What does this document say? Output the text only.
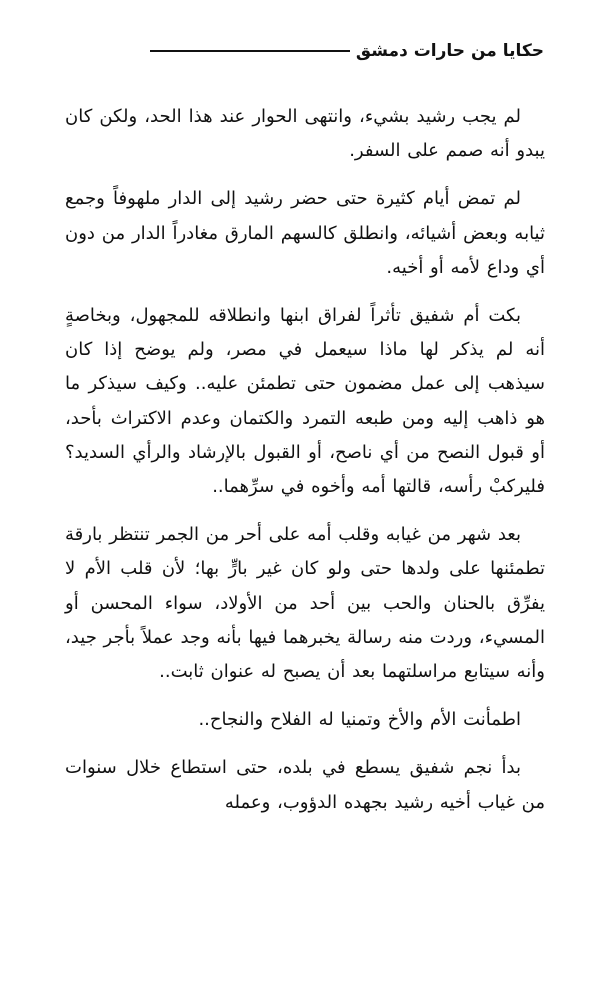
حكايا من حارات دمشق

لم يجب رشيد بشيء، وانتهى الحوار عند هذا الحد، ولكن كان يبدو أنه صمم على السفر.

لم تمض أيام كثيرة حتى حضر رشيد إلى الدار ملهوفاً وجمع ثيابه وبعض أشيائه، وانطلق كالسهم المارق مغادراً الدار من دون أي وداع لأمه أو أخيه.

بكت أم شفيق تأثراً لفراق ابنها وانطلاقه للمجهول، وبخاصةٍ أنه لم يذكر لها ماذا سيعمل في مصر، ولم يوضح إذا كان سيذهب إلى عمل مضمون حتى تطمئن عليه.. وكيف سيذكر ما هو ذاهب إليه ومن طبعه التمرد والكتمان وعدم الاكتراث بأحد، أو قبول النصح من أي ناصح، أو القبول بالإرشاد والرأي السديد؟ فليركبْ رأسه، قالتها أمه وأخوه في سرِّهما..

بعد شهر من غيابه وقلب أمه على أحر من الجمر تنتظر بارقة تطمئنها على ولدها حتى ولو كان غير بارٍّ بها؛ لأن قلب الأم لا يفرِّق بالحنان والحب بين أحد من الأولاد، سواء المحسن أو المسيء، وردت منه رسالة يخبرهما فيها بأنه وجد عملاً بأجر جيد، وأنه سيتابع مراسلتهما بعد أن يصبح له عنوان ثابت..

اطمأنت الأم والأخ وتمنيا له الفلاح والنجاح..

بدأ نجم شفيق يسطع في بلده، حتى استطاع خلال سنوات من غياب أخيه رشيد بجهده الدؤوب، وعمله
